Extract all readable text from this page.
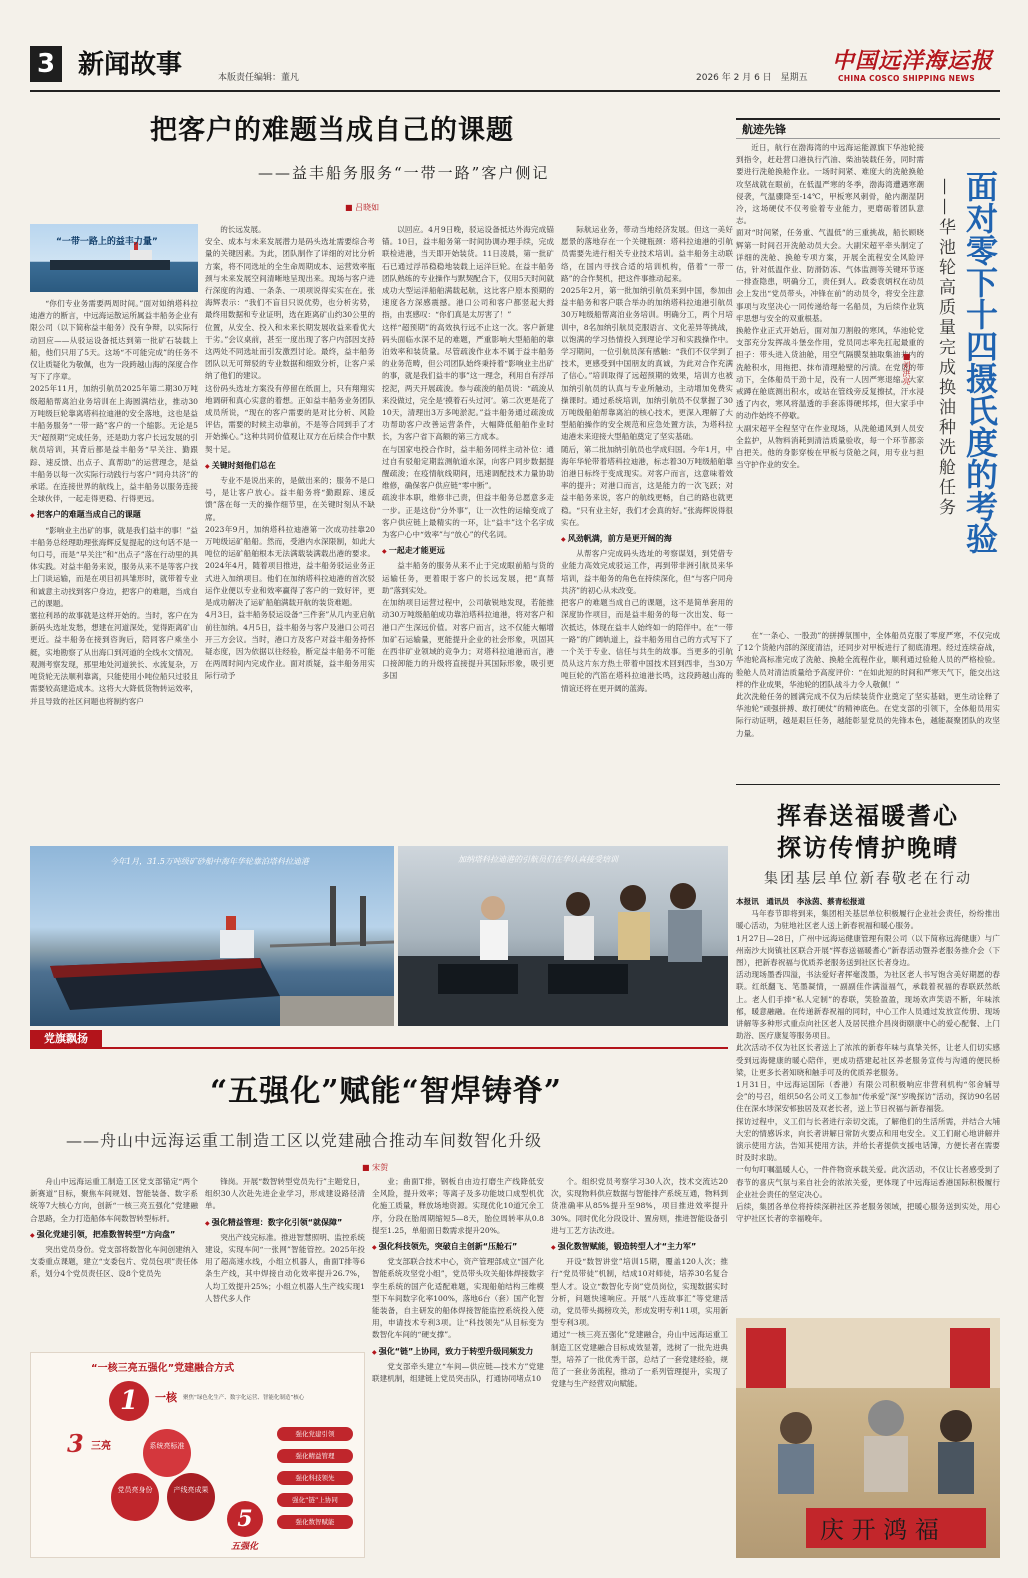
3 新闻故事	本版责任编辑：董凡	2026 年 2 月 6 日　星期五
中国远洋海运报
CHINA COSCO SHIPPING NEWS
把客户的难题当成自己的课题
——益丰船务服务“一带一路”客户侧记
■ 吕晓如
“一带一路上的益丰力量”
“你们专业务需要两周时间。”面对如纳塔科拉迪港方的断言，中远海运散运所属益丰船务企业有限公司（以下简称益丰船务）没有争辩，以实际行动回应——从驳运设备抵达到第一批矿石装载上船，他们只用了5天。这场“不可能完成”的任务不仅让质疑化为敬佩，也为一段跨越山海的深度合作写下了序章。
2025年11月，加纳引航员2025年第二期30万吨级超船帮离泊业务培训在上海圆满结业，推动30万吨级巨轮靠离塔科拉迪港的安全落地，这也是益丰船务服务“一带一路”客户的一个缩影。无论是5天“超预期”完成任务，还是助力客户长远发展的引航员培训，其背后都是益丰船务“早关注、勤跟踪、速反馈、出点子、真帮助”的运营理念，是益丰船务以每一次实际行动践行与客户“同舟共济”的承诺。在连接世界的航线上，益丰船务以服务连接全球伙伴，一起走得更稳、行得更远。
◆ 把客户的难题当成自己的课题
“影响业主出矿的事，就是我们益丰的事！”益丰船务总经理助理张海辉反复提起的这句话不是一句口号，而是“早关注”和“出点子”落在行动里的具体实践。对益丰船务来说，服务从来不是等客户找上门谈运输，而是在项目初具雏形时，就带着专业和诚意主动找到客户身边，把客户的难题，当成自己的课题。
塞拉利昂的故事就是这样开始的。当时，客户在为新码头选址发愁，想建在河道深处，觉得距离矿山更近。益丰船务在接到咨询后，陪同客户乘坐小艇，实地勘察了从出海口到河道的全线水文情况。观测考察发现，那里地处河道狭长、水流复杂，万吨货轮无法顺利靠离，只能使用小吨位船只过驳且需要较高建造成本。这将大大降低货物转运效率，并且导致的社区问题也将制约客户
的长远发展。
安全、成本与未来发展潜力是码头选址需要综合考量的关键因素。为此，团队制作了详细的对比分析方案，将不同选址的全生命周期成本、运营效率瓶颈与未来发展空间清晰地呈现出来。现场与客户进行深度的沟通、一条条、一项项说得实实在在。张海辉表示：“我们不盲目只说优势，也分析劣势，最终用数据和专业证明，选在距离矿山约30公里的位置，从安全、投入和未来长期发展收益来看优大于劣。”会议桌前，甚至一度出现了客户内部因支持这两处不同选址而引发激烈讨论。最终，益丰船务团队以无可辩驳的专业数据和细致分析，让客户采纳了他们的建议。
这份码头选址方案没有停留在纸面上，只有翔翔实地调研和真心实意的着想。正如益丰船务业务团队成员所说，“现在的客户需要的是对比分析、风险评估，需要的时候主动靠前，不是等合同到手了才开始操心。”这种共同价值观让双方在后续合作中默契十足。
◆ 关键时刻他们总在
专业不是说出来的，是做出来的；服务不是口号，是让客户放心。益丰船务将“勤跟踪、速反馈”落在每一天的操作细节里，在关键时刻从不缺席。
2023年9月，加纳塔科拉迪港第一次成功挂靠20万吨级运矿船船。然而，受港内水深限制，如此大吨位的运矿船舶根本无法满载装满载出港的要求。2024年4月，随着项目推进，益丰船务驳运业务正式进入加纳项目。他们在加纳塔科拉迪港的首次驳运作业便以专业和效率赢得了客户的一致好评，更是成功解决了运矿船舶满载开航的装货难题。
4月3日，益丰船务驳运设备“三件套”从几内亚启航前往加纳。4月5日，益丰船务与客户及港口公司召开三方会议。当时，港口方及客户对益丰船务持怀疑态度，因为依据以往经验，断定益丰船务不可能在两周时间内完成作业。面对质疑，益丰船务用实际行动予
以回应。4月9日晚，驳运设备抵达外海完成锚锚。10日，益丰船务第一时间协调办理手续，完成联检进港，当天即开始装货。11日凌晨，第一批矿石已通过浮吊稳稳地装载上运洋巨轮。在益丰船务团队熟练的专业操作与默契配合下，仅用5天时间就成功大型运洋船舶满载起航，这比客户原本预期的速度各方深感震撼。港口公司和客户都竖起大拇指，由衷感叹：“你们真是太厉害了！”
这样“超预期”的高效执行远不止这一次。客户新建码头面临水深不足的难题，严重影响大型船舶的靠泊效率和装货量。尽管疏浚作业本不属于益丰船务的业务范畴，但公司团队始终秉持着“影响业主出矿的事，就是我们益丰的事”这一理念，利用自有浮吊挖泥，两天开展疏浚。参与疏浚的船员说：“疏浚从来没做过，完全是‘摸着石头过河’。第二次更是花了10天，清理出3万多吨淤泥。”益丰船务通过疏浚成功帮助客户改善运营条件，大幅降低船舶作业时长，为客户省下高额的第三方成本。
在与国家电投合作时，益丰船务同样主动补位：通过自有驳船定期监测航道水深，向客户同步数据提醒疏浚；在疫情航线期间，迅速调配技术力量协助维修，确保客户供应链“零中断”。
疏浚非本职，维修非己责，但益丰船务总愿意多走一步。正是这份“分外事”，让一次性的运输变成了客户供应链上最精实的一环，让“益丰”这个名字成为客户心中“效率”与“放心”的代名词。
◆ 一起走才能更远
益丰船务的服务从来不止于完成眼前船与货的运输任务，更着眼于客户的长远发展，把“真帮助”落到实处。
在加纳项目运营过程中，公司敏锐地发现，若能推动30万吨级船舶成功靠泊塔科拉迪港，将对客户和港口产生深远价值。对客户而言，这不仅能大幅增加矿石运输量，更能提升企业的社会形象，巩固其在西非矿业领域的竞争力；对塔科拉迪港而言，港口接卸能力的升级将直接提升其国际形象，吸引更多国
际航运业务，带动当地经济发展。但这一美好愿景的落地存在一个关键瓶颈：塔科拉迪港的引航员需要先进行相关专业技术培训。益丰船务主动联络，在国内寻找合适的培训机构，借着“一带一路”的合作契机，把这件事推动起来。
2025年2月，第一批加纳引航员来到中国，参加由益丰船务和客户联合举办的加纳塔科拉迪港引航员30万吨级船帮离泊业务培训。明确分工，两个月培训中，8名加纳引航员克服语言、文化差异等挑战，以饱满的学习热情投入到理论学习和实践操作中。学习期间，一位引航员深有感触：“我们不仅学到了技术，更感受到中国朋友的真诚，为此对合作充满了信心。”培训取得了远超预期的效果，培训方也被加纳引航员的认真与专业所触动，主动增加免费实操课时。通过系统培训，加纳引航员不仅掌握了30万吨级船舶帮靠离泊的核心技术，更深入理解了大型船舶操作的安全规范和应急处置方法，为塔科拉迪港未来迎接大型船舶奠定了坚实基础。
随后，第二批加纳引航员也学成归国。今年1月，中海年华轮带着塔科拉迪港，标志着30万吨级船舶靠泊港日标终于变成现实。对客户而言，这意味着效率的提升；对港口而言，这是能力的一次飞跃；对益丰船务来说，客户的航线更畅，自己的路也就更稳。“只有业主好，我们才会真的好。”张海辉说得很实在。
◆ 风劲帆满，前方是更开阔的海
从帮客户完成码头选址的考察谋划，到凭借专业能力高效完成驳运工作，再到带非洲引航员来华培训，益丰船务的角色在持续深化，但“与客户同舟共济”的初心从未改变。
把客户的难题当成自己的课题，这不是简单套用的深度协作项目，而是益丰船务的每一次出发、每一次抵达，体现在益丰人始终如一的陪伴中。在“一带一路”的广阔轨道上，益丰船务用自己的方式写下了一个关于专业、信任与共生的故事。当更多的引航员从这片东方热土带着中国技术回到西非，当30万吨巨轮的汽笛在塔科拉迪港长鸣，这段跨越山海的情谊还将在更开阔的蓝海。
今年1月，31.5万吨级矿砂船中海年华轮靠泊塔科拉迪港	加纳塔科拉迪港的引航员们在华认真接受培训
航迹先锋
近日，航行在渤海湾的中远海运能源旗下华池轮接到指令，赶赴营口港执行汽油、柴油装载任务，同时需要进行洗舱换舱作业。一场时间紧、难度大的洗舱换舱攻坚战就在眼前，在低温严寒的冬季，渤海湾遭遇寒潮侵袭，气温骤降至-14℃，甲板寒风刺骨，舱内潮湿阴冷，这场硬仗不仅考验着专业能力，更磨砺着团队意志。
面对“时间紧，任务重、气温低”的三重挑战，船长顾晓辉第一时间召开洗舱动员大会。大副宋超平牵头制定了详细的洗舱、换舱专项方案，开展全流程安全风险评估，针对低温作业、防滑防冻、气体监测等关键环节逐一排查隐患，明确分工，责任到人。政委袁炳权在动员会上发出“党员带头，冲锋在前”的动员令，将安全注意事项与攻坚决心一同传递给每一名船员，为后续作业筑牢思想与安全的双重根基。
换舱作业正式开始后，面对加刀割般的寒风，华池轮党支部充分发挥战斗堡垒作用，党员同志率先扛起最重的担子：带头进入货油舱，用空气隔膜泵抽取集油井内的洗舱积水，用拖把、抹布清理舱壁的污渍。在党员的带动下，全体船员干劲十足，没有一人因严寒退缩。大家戒蹲在舱底测出积水，或站在管线旁反复擦拭，汗水浸透了内衣，寒风将温透的手套冻得硬邦邦，但大家手中的动作始终不停歇。
大副宋超平全程坚守在作业现场，从洗舱通风到人员安全监护，从物料消耗到清洁质量验收，每一个环节都亲自把关。他的身影穿梭在甲板与货舱之间，用专业与担当守护作业的安全。	面对零下十四摄氏度的考验
——华池轮高质量完成换油种洗舱任务
■刘洪亮
在“一条心、一股劲”的拼搏氛围中，全体船员克服了零度严寒，不仅完成了12个货舱内部的深度清洁，还同步对甲板进行了彻底清理。经过连续奋战，华池轮高标准完成了洗舱、换舱全流程作业，顺利通过验舱人员的严格检验。验舱人员对清洁质量给予高度评价：“在如此短的时间和严寒天气下，能交出这样的作业成果，华池轮的团队战斗力令人敬佩！”
此次洗舱任务的圆满完成不仅为后续装货作业奠定了坚实基础，更生动诠释了华池轮“顽强拼搏、敢打硬仗”的精神底色。在党支部的引领下，全体船员用实际行动证明，越是艰巨任务，越能彰显党员的先锋本色，越能凝聚团队的攻坚力量。
挥春送福暖耆心
探访传情护晚晴
集团基层单位新春敬老在行动
本报讯　通讯员　李泳茵、蔡青松报道
马年春节即将到来，集团相关基层单位积极履行企业社会责任，纷纷推出暖心活动，为驻地社区老人送上新春祝福和暖心服务。
1月27日—28日，广州中远海运健康管理有限公司（以下简称远海健康）与广州南沙大岗镇社区联合开展“挥春送福暖耆心”新春活动暨养老服务推介会（下图），把新春祝福与优质养老服务送到社区长者身边。
活动现场墨香四溢，书法爱好者挥毫泼墨，为社区老人书写饱含美好期愿的春联。红纸翻飞、笔墨凝情，一副副佳作满溢福气，承载着祝福的春联跃然纸上。老人们手捧“私人定制”的春联，笑脸盈盈，现场欢声笑语不断，年味浓郁，暖意融融。在传递新春祝福的同时，中心工作人员通过发放宣传册、现场讲解等多种形式重点向社区老人及居民推介昌岗街颐康中心的爱心配餐、上门助浴、医疗康复等服务项目。
此次活动不仅为社区长者送上了浓浓的新春年味与真挚关怀，让老人们切实感受到远海健康的暖心陪伴，更成功搭建起社区养老服务宣传与沟通的便民桥梁，让更多长者知晓和触手可及的优质养老服务。
1月31日，中远海运国际（香港）有限公司积极响应非营利机构“邻舍辅导会”的号召，组织50名公司义工参加“传承爱”深“岁晚探访”活动，探访90名居住在深水埗深安邨独居及双老长者，送上节日祝福与新春福袋。
探访过程中，义工们与长者进行亲切交流，了解他们的生活所需，并结合大埔大宏的情感诉求，向长者讲解日常防火要点和用电安全。义工们耐心地讲解并演示使用方法，告知其使用方法，并给长者提供支援电话簿，方便长者在需要时及时求助。
一句句叮嘱温暖人心，一件件物资承载关爱。此次活动，不仅让长者感受到了春节的喜庆气氛与来自社会的浓浓关爱，更体现了中远海运香港国际积极履行企业社会责任的坚定决心。
后续，集团各单位将持续深耕社区养老服务领域，把暖心服务送到实处，用心守护社区长者的幸福晚年。
庆 开 鸿 福
党旗飘扬
“五强化”赋能“智焊铸脊”
——舟山中远海运重工制造工区以党建融合推动车间数智化升级
■ 宋贺
舟山中远海运重工制造工区党支部锚定“两个新赛道”目标，聚焦车间规划、智能装备、数字系统等7大核心方向，创新“一核三亮五强化”党建融合思路，全力打造船体车间数智转型标杆。
◆ 强化党建引领，把准数智转型“方向盘”
突出党员身份。党支部将数智化车间创建纳入支委重点课题，建立“支委包片、党员包项”责任体系，划分4个党员责任区、设8个党员先
锋岗。开展“数智转型党员先行”主题党日，组织30人次赴先进企业学习，形成建设路径清单。
◆ 强化精益管理：数字化引领“就保障”
突出产线完标准。推进智慧照明、监控系统建设，实现车间“一张网”智能管控。2025年投用了超高速水线，小组立机器人，曲面T排等6条生产线，其中焊接自动化效率提升26.7%，人均工效提升25%；小组立机器人生产线实现1人替代多人作
业；曲面T排，钢板自由边打磨生产线降低安全风险，提升效率；等离子及多功能坡口成型机优化施工质量，释放场地资源。实现优化10道冗余工序，分段在胎周期缩短5—8天，胎位周转率从0.8提至1.25，单船面日数需求提升20%。
◆ 强化科技领先，突破自主创新“压舱石”
党支部联合技术中心，资产管理部成立“国产化智能系统攻坚党小组”，党员带头攻关船体焊接数字孪生系统的国产化适配难题，实现船舶结构三维模型下车间数字化率100%，落地6台（套）国产化智能装备，自主研发的船体焊接智能监控系统投入使用，申请技术专利3项。让“科技领先”从目标变为数智化车间的“硬支撑”。
◆ 强化“链”上协同，致力于转型升级同频发力
党支部牵头建立“车间—供应链—技术方”党建联建机制，组建链上党员突击队，打通协同堵点10
个。组织党员考察学习30人次，技术交流达20次，实现物料供应数据与智能排产系统互通，物料到货准确率从85%提升至98%，项目推进效率提升30%。同时优化分段设计、置房则，推进智能设备引进与工艺方法改进。
◆ 强化数智赋能，锻造转型人才“主力军”
开设“数智讲堂”培训15期，覆盖120人次；推行“党员带徒”机制，结成10对师徒，培养30名复合型人才。设立“数智化专岗”党员岗位，实现数据实时分析，问题快速响应。开展“八连故事汇”等党建活动，党员带头揭榜攻关，形成发明专利11项，实用新型专利3项。
通过“一核三亮五强化”党建融合，舟山中远海运重工制造工区党建融合目标成效显著，选树了一批先进典型，培养了一批优秀干部，总结了一套党建经验，规范了一套业务流程，推动了一系列管理提升，实现了党建与生产经营双向赋能。
“一核三亮五强化”党建融合方式
1	一核 聚焦“绿色化生产、数字化运营、智能化制造”核心
3 三亮	系统亮标准
党员亮身份	产线亮成果
5
五强化
强化党建引领
强化精益管理
强化科技领先
强化“链”上协同
强化数智赋能
